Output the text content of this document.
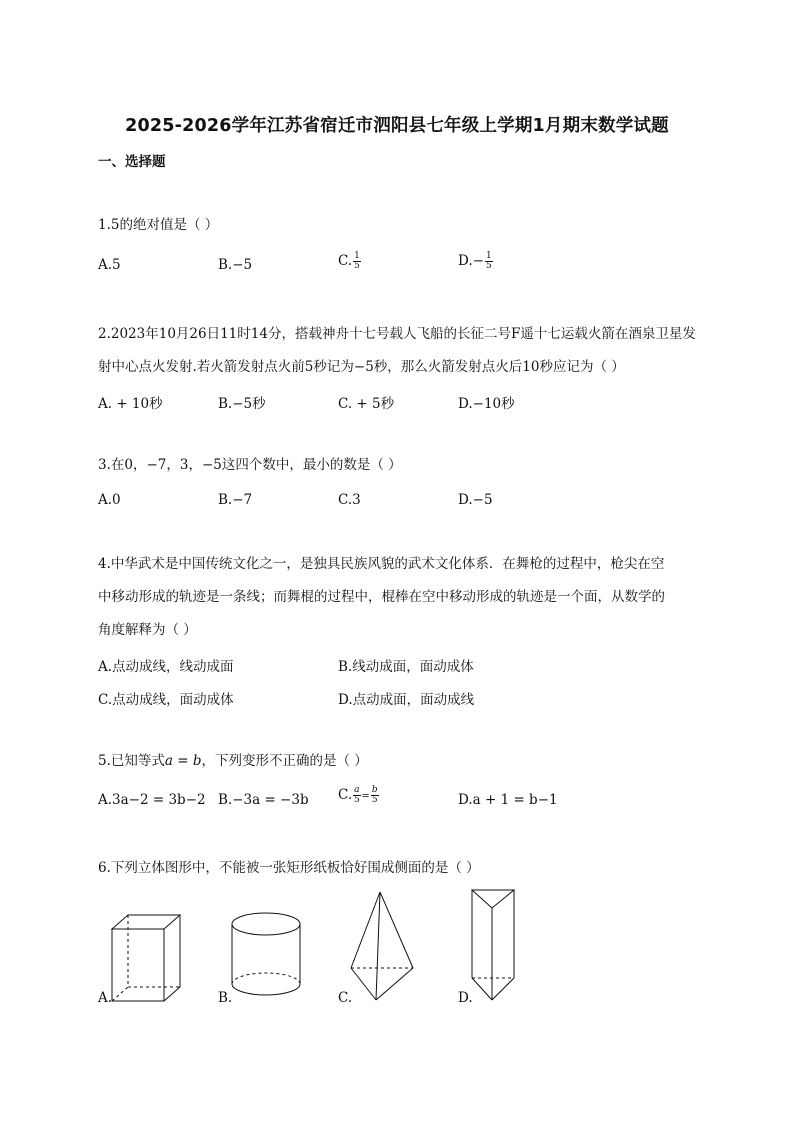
2025-2026学年江苏省宿迁市泗阳县七年级上学期1月期末数学试题
一、选择题
1.5的绝对值是（ ）
A.5	B.−5	C. $\frac{1}{5}$	$D.- \frac{1}{5}$
2.2023年10月26日11时14分，搭载神舟十七号载人飞船的长征二号F遥十七运载火箭在酒泉卫星发
射中心点火发射.若火箭发射点火前5秒记为−5秒，那么火箭发射点火后10秒应记为（ ）
A. + 10秒	B.−5秒	C. + 5秒	D.−10秒
3.在0，−7，3，−5这四个数中，最小的数是（ ）
A.0	B.−7	C.3	D.−5
4.中华武术是中国传统文化之一，是独具民族风貌的武术文化体系．在舞枪的过程中，枪尖在空
中移动形成的轨迹是一条线；而舞棍的过程中，棍棒在空中移动形成的轨迹是一个面，从数学的
角度解释为（ ）
A.点动成线，线动成面	B.线动成面，面动成体
C.点动成线，面动成体	D.点动成面，面动成线
5.已知等式a = b，下列变形不正确的是（ ）
A.3a−2 = 3b−2 B.−3a = −3b C. $\frac{a}{5} = \frac{b}{5}$	D.a + 1 = b−1
6.下列立体图形中，不能被一张矩形纸板恰好围成侧面的是（ ）
A.	B.	C.	D.
